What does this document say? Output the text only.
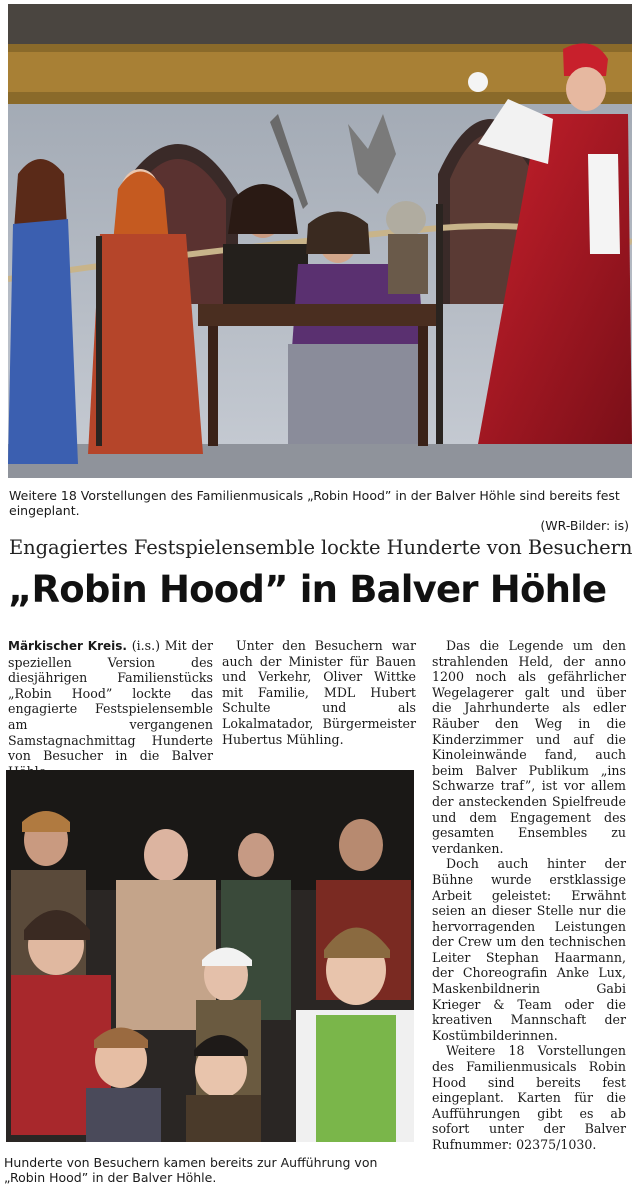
Weitere 18 Vorstellungen des Familienmusicals „Robin Hood” in der Balver Höhle sind bereits fest eingeplant.
(WR-Bilder: is)
Engagiertes Festspielensemble lockte Hunderte von Besuchern
„Robin Hood” in Balver Höhle

Märkischer Kreis. (i.s.) Mit der speziellen Version des diesjährigen Familienstücks „Robin Hood” lockte das engagierte Festspielensemble am vergangenen Samstagnachmittag Hunderte von Besucher in die Balver

Unter den Besuchern war auch der Minister für Bauen und Verkehr, Oliver Wittke mit Familie, MDL Hubert Schulte und als Lokalmatador, Bürgermeister Hubertus Mühling.

Das die Legende um den strahlenden Held, der anno 1200 noch als gefährlicher Wegelagerer galt und über die Jahrhunderte als edler Räuber den Weg in die Kinderzimmer und auf die Kinoleinwände fand, auch beim Balver Publikum „ins Schwarze traf”, ist vor allem der ansteckenden Spielfreude und dem Engagement des gesamten Ensembles zu verdanken.

Doch auch hinter der Bühne wurde erstklassige Arbeit geleistet: Erwähnt seien an dieser Stelle nur die hervorragenden Leistungen der Crew um den technischen Leiter Stephan Haarmann, der Choreografin Anke Lux, Maskenbildnerin Gabi Krieger & Team oder die kreativen Mannschaft der Kostümbilderinnen.

Weitere 18 Vorstellungen des Familienmusicals Robin Hood sind bereits fest eingeplant. Karten für die Aufführungen gibt es ab sofort unter der Balver Rufnummer: 02375/1030.

Hunderte von Besuchern kamen bereits zur Aufführung von „Robin Hood” in der Balver Höhle.
